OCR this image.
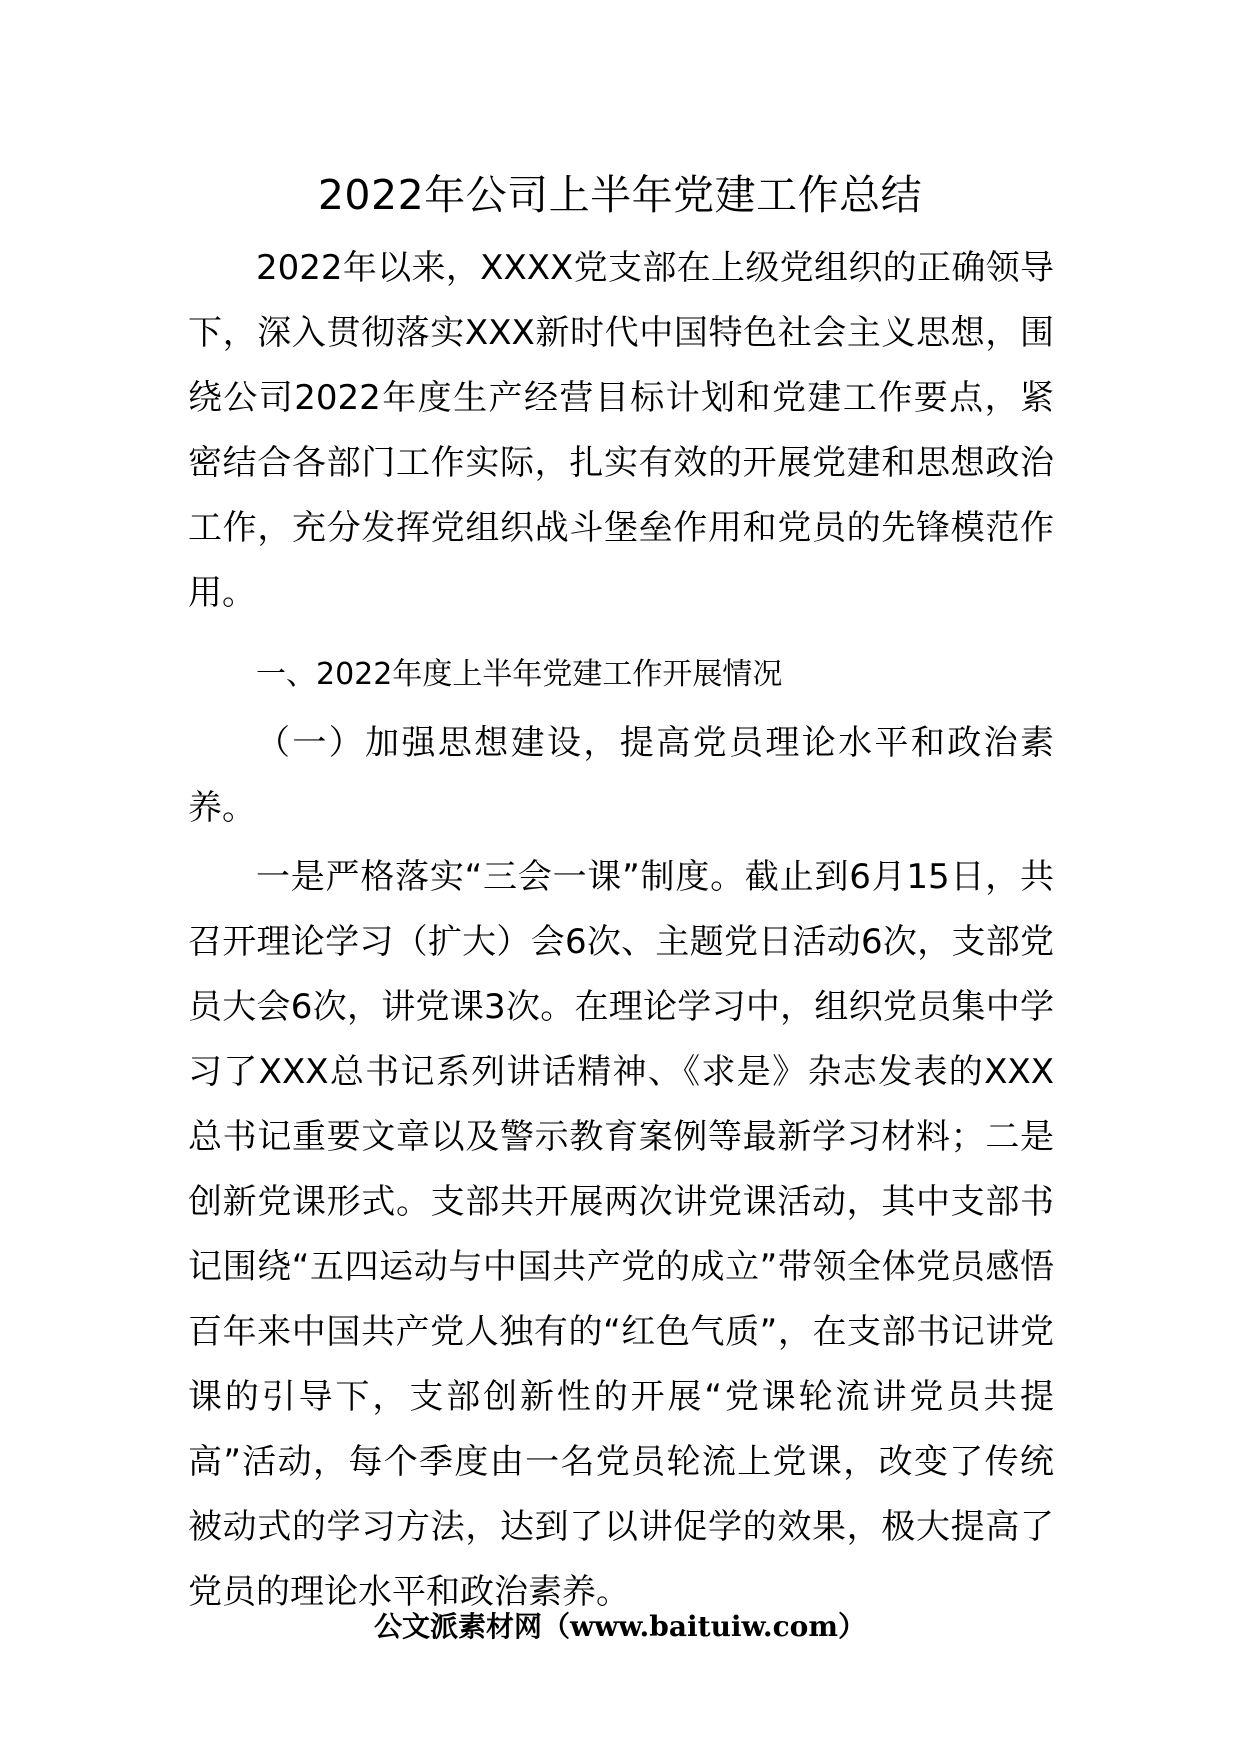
2022年公司上半年党建工作总结

2022年以来，XXXX党支部在上级党组织的正确领导下，深入贯彻落实XXX新时代中国特色社会主义思想，围绕公司2022年度生产经营目标计划和党建工作要点，紧密结合各部门工作实际，扎实有效的开展党建和思想政治工作，充分发挥党组织战斗堡垒作用和党员的先锋模范作用。

一、2022年度上半年党建工作开展情况

（一）加强思想建设，提高党员理论水平和政治素养。

一是严格落实“三会一课”制度。截止到6月15日，共召开理论学习（扩大）会6次、主题党日活动6次，支部党员大会6次，讲党课3次。在理论学习中，组织党员集中学习了XXX总书记系列讲话精神、《求是》杂志发表的XXX总书记重要文章以及警示教育案例等最新学习材料；二是创新党课形式。支部共开展两次讲党课活动，其中支部书记围绕“五四运动与中国共产党的成立”带领全体党员感悟百年来中国共产党人独有的“红色气质”，在支部书记讲党课的引导下，支部创新性的开展“党课轮流讲党员共提高”活动，每个季度由一名党员轮流上党课，改变了传统被动式的学习方法，达到了以讲促学的效果，极大提高了党员的理论水平和政治素养。

公文派素材网（www.baituiw.com）
